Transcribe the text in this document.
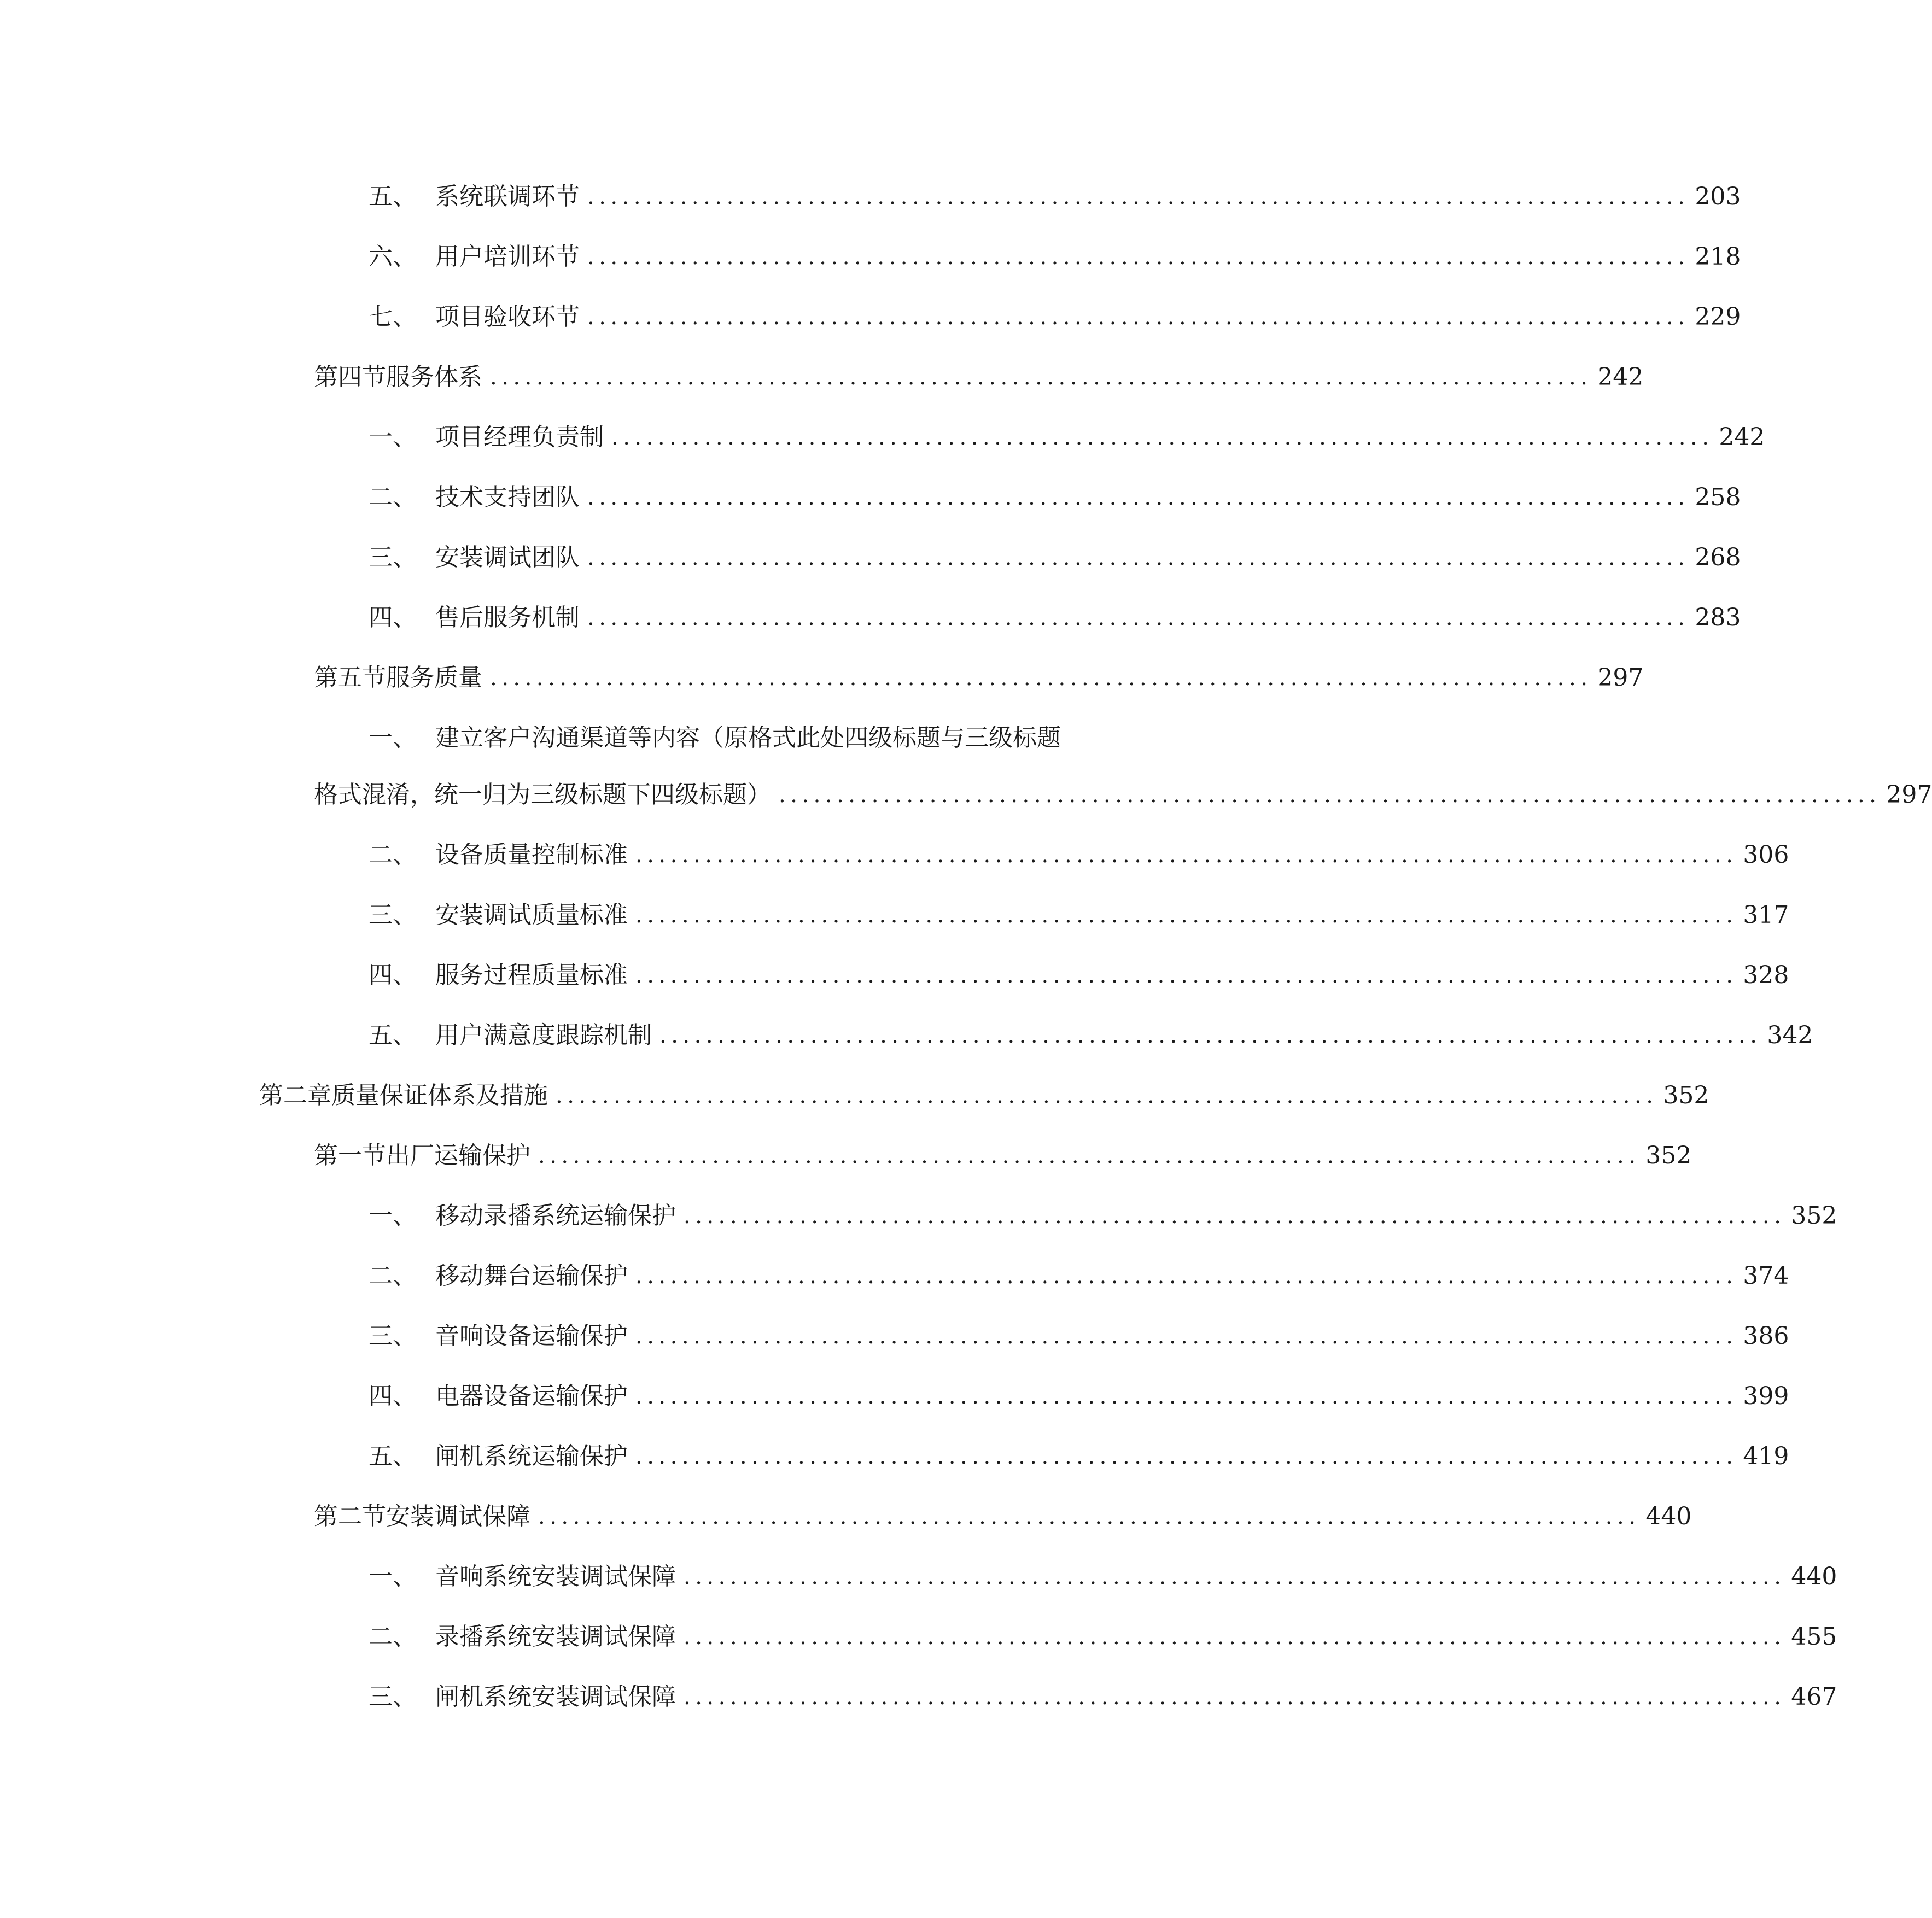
五、 系统联调环节 ............................................................................................... 203
六、 用户培训环节 ............................................................................................... 218
七、 项目验收环节 ............................................................................................... 229
第四节 服务体系 ............................................................................................... 242
一、 项目经理负责制 ............................................................................................... 242
二、 技术支持团队 ............................................................................................... 258
三、 安装调试团队 ............................................................................................... 268
四、 售后服务机制 ............................................................................................... 283
第五节 服务质量 ............................................................................................... 297
一、 建立客户沟通渠道等内容（原格式此处四级标题与三级标题
格式混淆，统一归为三级标题下四级标题） ............................................................................................... 297
二、 设备质量控制标准 ............................................................................................... 306
三、 安装调试质量标准 ............................................................................................... 317
四、 服务过程质量标准 ............................................................................................... 328
五、 用户满意度跟踪机制 ............................................................................................... 342
第二章 质量保证体系及措施 ............................................................................................... 352
第一节 出厂运输保护 ............................................................................................... 352
一、 移动录播系统运输保护 ............................................................................................... 352
二、 移动舞台运输保护 ............................................................................................... 374
三、 音响设备运输保护 ............................................................................................... 386
四、 电器设备运输保护 ............................................................................................... 399
五、 闸机系统运输保护 ............................................................................................... 419
第二节 安装调试保障 ............................................................................................... 440
一、 音响系统安装调试保障 ............................................................................................... 440
二、 录播系统安装调试保障 ............................................................................................... 455
三、 闸机系统安装调试保障 ............................................................................................... 467
